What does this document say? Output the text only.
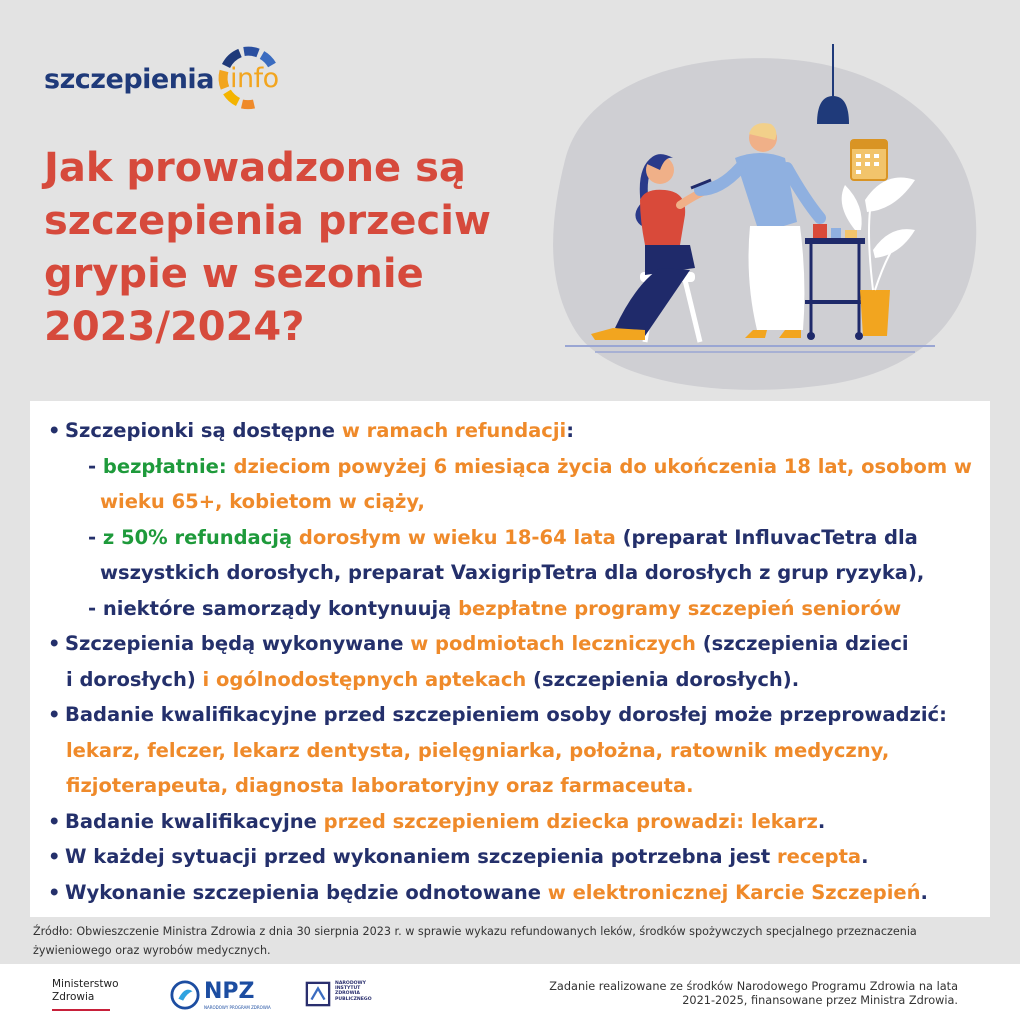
szczepienia info
Jak prowadzone są szczepienia przeciw grypie w sezonie 2023/2024?
• Szczepionki są dostępne w ramach refundacji:
- bezpłatnie: dzieciom powyżej 6 miesiąca życia do ukończenia 18 lat, osobom w
wieku 65+, kobietom w ciąży,
- z 50% refundacją dorosłym w wieku 18-64 lata (preparat InfluvacTetra dla
wszystkich dorosłych, preparat VaxigripTetra dla dorosłych z grup ryzyka),
- niektóre samorządy kontynuują bezpłatne programy szczepień seniorów
• Szczepienia będą wykonywane w podmiotach leczniczych (szczepienia dzieci
i dorosłych) i ogólnodostępnych aptekach (szczepienia dorosłych).
• Badanie kwalifikacyjne przed szczepieniem osoby dorosłej może przeprowadzić:
lekarz, felczer, lekarz dentysta, pielęgniarka, położna, ratownik medyczny,
fizjoterapeuta, diagnosta laboratoryjny oraz farmaceuta.
• Badanie kwalifikacyjne przed szczepieniem dziecka prowadzi: lekarz.
• W każdej sytuacji przed wykonaniem szczepienia potrzebna jest recepta.
• Wykonanie szczepienia będzie odnotowane w elektronicznej Karcie Szczepień.
Źródło: Obwieszczenie Ministra Zdrowia z dnia 30 sierpnia 2023 r. w sprawie wykazu refundowanych leków, środków spożywczych specjalnego przeznaczenia żywieniowego oraz wyrobów medycznych.
Ministerstwo Zdrowia	NPZ
NARODOWY PROGRAM ZDROWIA
NARODOWY INSTYTUT ZDROWIA PUBLICZNEGO
Zadanie realizowane ze środków Narodowego Programu Zdrowia na lata 2021-2025, finansowane przez Ministra Zdrowia.
